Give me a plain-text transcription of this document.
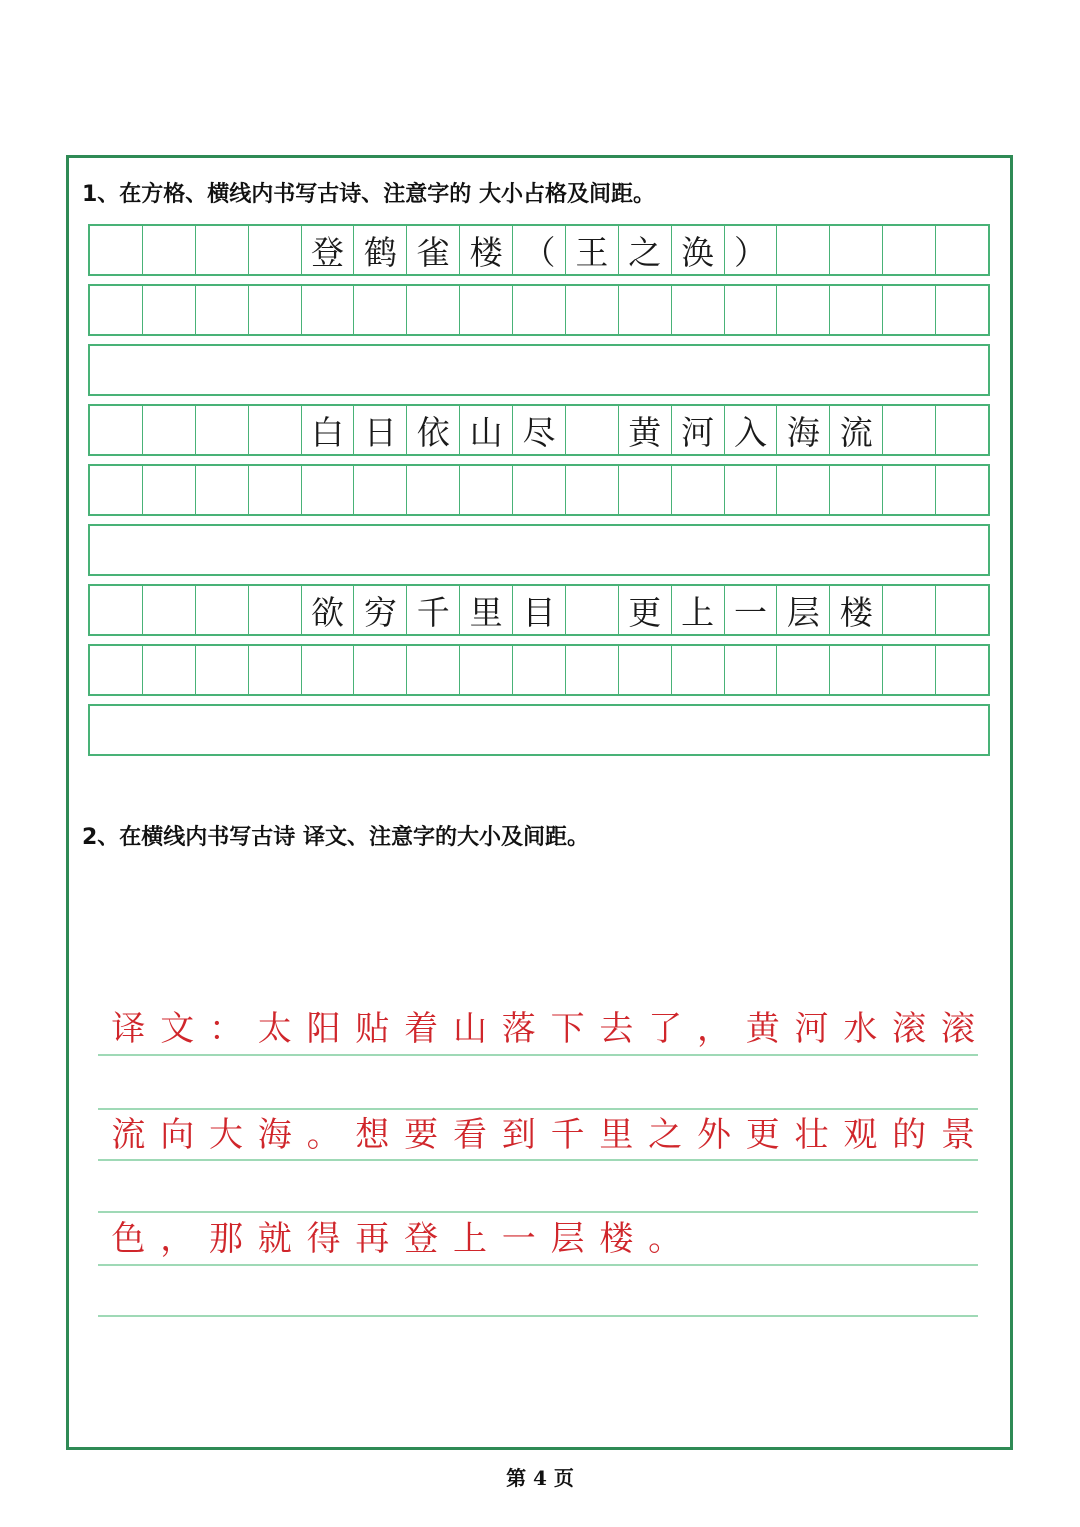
1、在方格、横线内书写古诗、注意字的 大小占格及间距。

登 鹤 雀 楼 （ 王 之 涣 ）
白 日 依 山 尽	黄 河 入 海 流
欲 穷 千 里 目	更 上 一 层 楼

2、在横线内书写古诗 译文、注意字的大小及间距。

译 文 ： 太 阳 贴 着 山 落 下 去 了 ， 黄 河 水 滚 滚
流 向 大 海 。 想 要 看 到 千 里 之 外 更 壮 观 的 景
色 ， 那 就 得 再 登 上 一 层 楼 。
第 4 页
